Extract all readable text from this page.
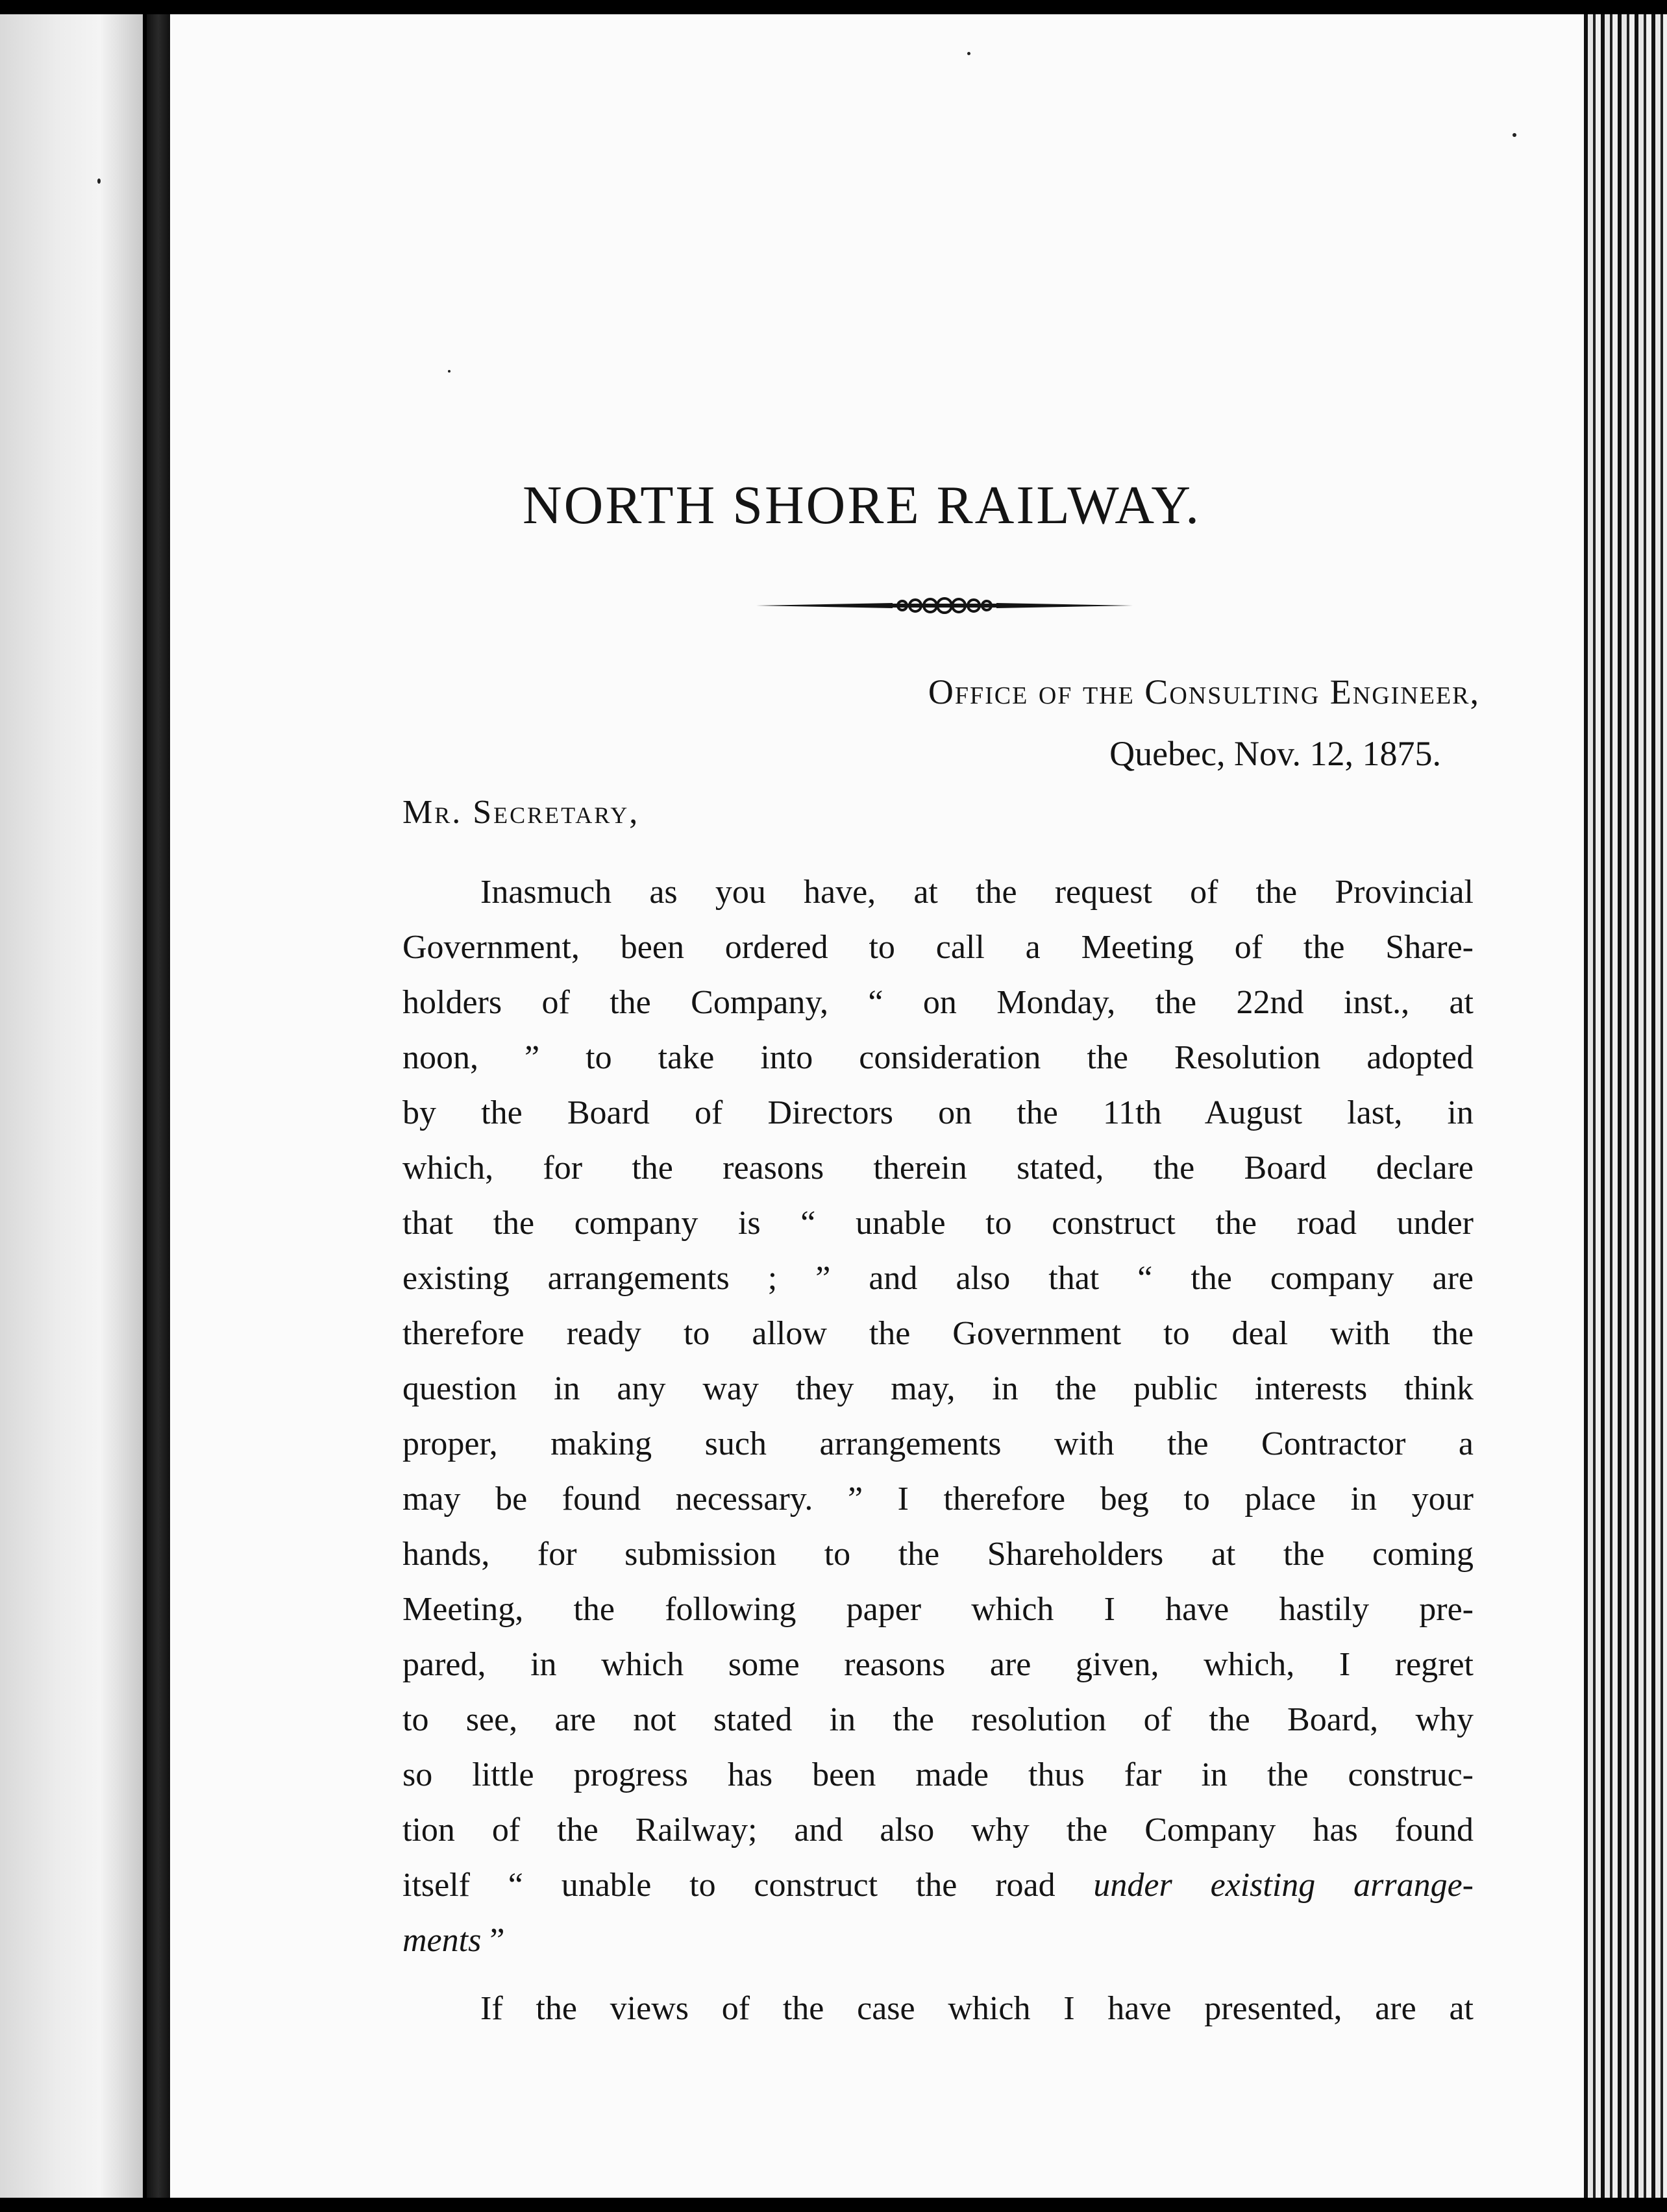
NORTH SHORE RAILWAY.
Office of the Consulting Engineer,
Quebec, Nov. 12, 1875.
Mr. Secretary,
Inasmuch as you have, at the request of the Provincial
Government, been ordered to call a Meeting of the Share-
holders of the Company, “ on Monday, the 22nd inst., at
noon, ” to take into consideration the Resolution adopted
by the Board of Directors on the 11th August last, in
which, for the reasons therein stated, the Board declare
that the company is “ unable to construct the road under
existing arrangements ; ” and also that “ the company are
therefore ready to allow the Government to deal with the
question in any way they may, in the public interests think
proper, making such arrangements with the Contractor a
may be found necessary. ” I therefore beg to place in your
hands, for submission to the Shareholders at the coming
Meeting, the following paper which I have hastily pre-
pared, in which some reasons are given, which, I regret
to see, are not stated in the resolution of the Board, why
so little progress has been made thus far in the construc-
tion of the Railway; and also why the Company has found
itself “ unable to construct the road under existing arrange-
ments ”
If the views of the case which I have presented, are at
